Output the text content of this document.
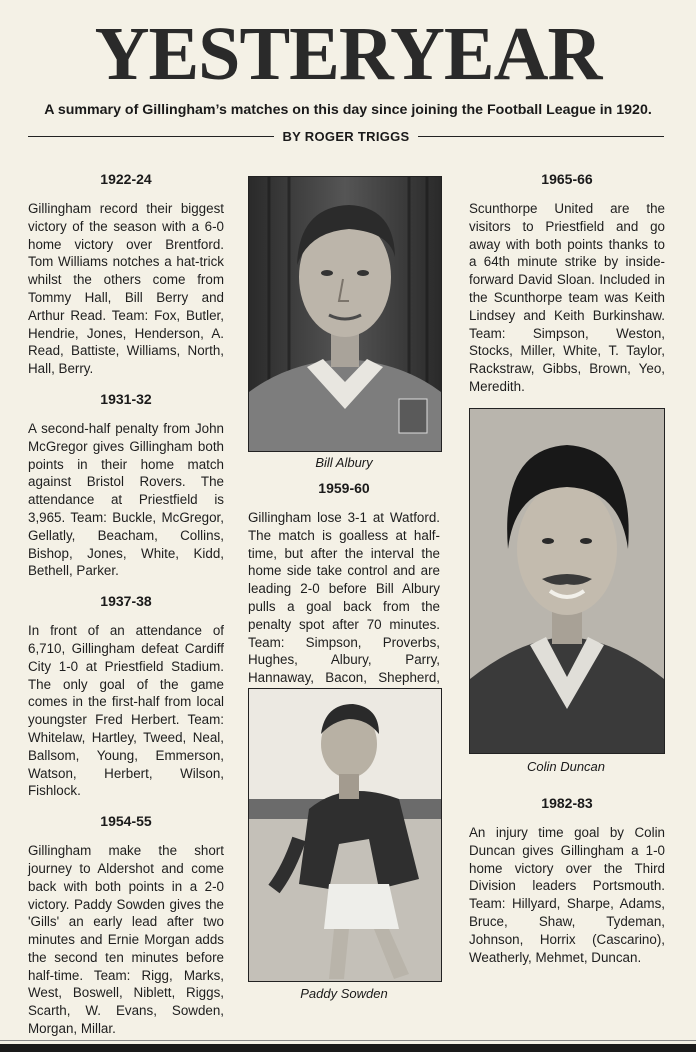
YESTERYEAR
A summary of Gillingham’s matches on this day since joining the Football League in 1920.
BY ROGER TRIGGS
1922-24

Gillingham record their biggest victory of the season with a 6-0 home victory over Brentford. Tom Williams notches a hat-trick whilst the others come from Tommy Hall, Bill Berry and Arthur Read. Team: Fox, Butler, Hendrie, Jones, Henderson, A. Read, Battiste, Williams, North, Hall, Berry.

1931-32

A second-half penalty from John McGregor gives Gillingham both points in their home match against Bristol Rovers. The attendance at Priestfield is 3,965. Team: Buckle, McGregor, Gellatly, Beacham, Collins, Bishop, Jones, White, Kidd, Bethell, Parker.

1937-38

In front of an attendance of 6,710, Gillingham defeat Cardiff City 1-0 at Priestfield Stadium. The only goal of the game comes in the first-half from local youngster Fred Herbert. Team: Whitelaw, Hartley, Tweed, Neal, Ballsom, Young, Emmerson, Watson, Herbert, Wilson, Fishlock.

1954-55

Gillingham make the short journey to Aldershot and come back with both points in a 2-0 victory. Paddy Sowden gives the 'Gills' an early lead after two minutes and Ernie Morgan adds the second ten minutes before half-time. Team: Rigg, Marks, West, Boswell, Niblett, Riggs, Scarth, W. Evans, Sowden, Morgan, Millar.

Bill Albury
1959-60

Gillingham lose 3-1 at Watford. The match is goalless at half-time, but after the interval the home side take control and are leading 2-0 before Bill Albury pulls a goal back from the penalty spot after 70 minutes. Team: Simpson, Proverbs, Hughes, Albury, Parry, Hannaway, Bacon, Shepherd,

Paddy Sowden
1965-66

Scunthorpe United are the visitors to Priestfield and go away with both points thanks to a 64th minute strike by inside-forward David Sloan. Included in the Scunthorpe team was Keith Lindsey and Keith Burkinshaw. Team: Simpson, Weston, Stocks, Miller, White, T. Taylor, Rackstraw, Gibbs, Brown, Yeo, Meredith.

Colin Duncan
1982-83

An injury time goal by Colin Duncan gives Gillingham a 1-0 home victory over the Third Division leaders Portsmouth. Team: Hillyard, Sharpe, Adams, Bruce, Shaw, Tydeman, Johnson, Horrix (Cascarino), Weatherly, Mehmet, Duncan.
